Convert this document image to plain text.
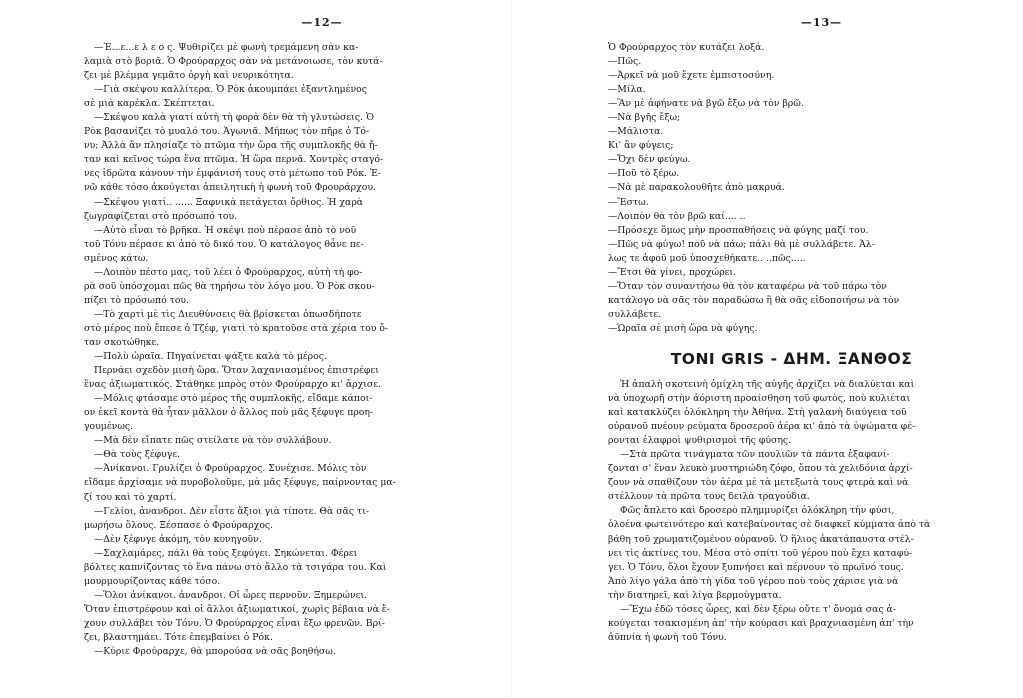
—12—
—Έ...ε...ε λ ε ο ς. Ψυθιρίζει μὲ φωνὴ τρεμάμενη σὰν κα-
λαμιὰ στὸ βοριᾶ. Ὁ Φρούραρχος σὰν νὰ μετάνοιωσε, τὸν κυτά-
ζει μὲ βλέμμα γεμᾶτο ὀργὴ καὶ νευρικότητα.
—Γιὰ σκέψου καλλίτερα. Ὁ Ρὸκ ἀκουμπάει ἐξαντλημένος
σὲ μιὰ καρέκλα. Σκέπτεται.
—Σκέψου καλὰ γιατί αὐτὴ τὴ φορὰ δὲν θὰ τὴ γλυτώσεις. Ὁ
Ρὸκ βασανίζει τὸ μυαλό του. Ἀγωνιᾶ. Μήπως τὸν πῆρε ὁ Τό-
νυ; Ἀλλὰ ἂν πλησίαζε τὸ πτῶμα τὴν ὥρα τῆς συμπλοκῆς θὰ ἤ-
ταν καὶ κεῖνος τώρα ἕνα πτῶμα. Ἡ ὥρα περνᾶ. Χοντρὲς σταγό-
νες ἱδρῶτα κάνουν τὴν ἐμφάνισή τους στὸ μέτωπο τοῦ Ρόκ. Ἐ-
νῶ κάθε τόσο ἀκούγεται ἀπειλητικὴ ἡ φωνὴ τοῦ Φρουράρχου.
—Σκέψου γιατί.. ...... Ξαφνικὰ πετάγεται ὄρθιος. Ἡ χαρὰ
ζωγραφίζεται στὸ πρόσωπό του.
—Αὐτὸ εἶναι τὸ βρῆκα. Ἡ σκέψι ποὺ πέρασε ἀπὸ τὸ νοῦ
τοῦ Τόνυ πέρασε κι ἀπὸ τὸ δικό του. Ὁ κατάλογος θἆνε πε-
σμένος κάτω.
—Λοιπὸν πέστο μας, τοῦ λέει ὁ Φρούραρχος, αὐτὴ τὴ φο-
ρὰ σοῦ ὑπόσχομαι πῶς θὰ τηρήσω τὸν λόγο μου. Ὁ Ρὸκ σκου-
πίζει τὸ πρόσωπό του.
—Τὸ χαρτὶ μὲ τὶς Διευθύνσεις θὰ βρίσκεται ὁπωσδήποτε
στὸ μέρος ποὺ ἔπεσε ὁ Τζέφ, γιατὶ τὸ κρατοῦσε στὰ χέρια του ὅ-
ταν σκοτώθηκε.
—Πολὺ ὡραῖα. Πηγαίνεται ψάξτε καλὰ τὸ μέρος.
Περνάει σχεδὸν μισὴ ὥρα. Ὅταν λαχανιασμένος ἐπιστρέφει
ἕνας ἀξιωματικός. Στάθηκε μπρὸς στὸν Φρούραρχο κι' ἄρχισε.
—Μόλις φτάσαμε στὸ μέρος τῆς συμπλοκῆς, εἴδαμε κάποι-
ον ἐκεῖ κοντὰ θὰ ἦταν μᾶλλον ὁ ἄλλος ποὺ μᾶς ξέφυγε προη-
γουμένως.
—Μὰ δὲν εἴπατε πῶς στείλατε νὰ τὸν συλλάβουν.
—Θὰ τοὺς ξέφυγε.
—Ἀνίκανοι. Γρυλίζει ὁ Φρούραρχος. Συνέχισε. Μόλις τὸν
εἴδαμε ἀρχίσαμε νὰ πυροβολοῦμε, μὰ μᾶς ξέφυγε, παίρνοντας μα-
ζί του καὶ τὸ χαρτί.
—Γελίοι, ἀνανδροι. Δὲν εἶστε ἄξιοι γιὰ τίποτε. Θὰ σᾶς τι-
μωρήσω ὅλους. Ξέσπασε ὁ Φρούραρχος.
—Δὲν ξέφυγε ἀκόμη, τὸν κυνηγοῦν.
—Σαχλαμάρες, πάλι θὰ τοὺς ξεφύγει. Σηκώνεται. Φέρει
βόλτες καπνίζοντας τὸ ἕνα πάνω στὸ ἄλλο τὰ τσιγάρα του. Καὶ
μουρμουρίζοντας κάθε τόσο.
—Ὅλοι ἀνίκανοι. ἀνανδροι. Οἱ ὧρες περνοῦν. Ξημερώνει.
Ὅταν ἐπιστρέφουν καὶ οἱ ἄλλοι ἀξιωματικοί, χωρὶς βέβαια νὰ ἔ-
χουν συλλάβει τὸν Τόνυ. Ὁ Φρούραρχος εἶναι ἔξω φρενῶν. Βρί-
ζει, βλαστημάει. Τότε ἐπεμβαίνει ὁ Ρόκ.
—Κύριε Φρούραρχε, θὰ μπορούσα νὰ σᾶς βοηθήσω.
—13—
Ὁ Φρούραρχος τὸν κυτάζει λοξά.
—Πῶς.
—Ἀρκεῖ νὰ μοῦ ἔχετε ἐμπιστοσύνη.
—Μίλα.
—Ἂν μὲ ἀφήνατε νὰ βγῶ ἔξω νὰ τὸν βρῶ.
—Νὰ βγῆς ἔξω;
—Μάλιστα.
Κι' ἂν φύγεις;
—Ὄχι δὲν φεύγω.
—Ποῦ τὸ ξέρω.
—Νὰ μὲ παρακολουθῆτε ἀπὸ μακρυά.
—Ἔστω.
—Λοιπὸν θὰ τὸν βρῶ καί.... ..
—Πρόσεχε ὅμως μὴν προσπαθήσεις νὰ φύγης μαζί του.
—Πῶς νὰ φύγω! ποῦ νὰ πάω; πάλι θὰ μὲ συλλάβετε. Ἀλ-
λως τε ἀφοῦ μοῦ ὑποσχεθήκατε.. ..πῶς.....
—Ἔτσι θὰ γίνει, προχώρει.
—Ὅταν τὸν συναντήσω θὰ τὸν καταφέρω νὰ τοῦ πάρω τὸν
κατάλογο νὰ σᾶς τὸν παραδώσω ἢ θὰ σᾶς εἰδοποιήσω νὰ τὸν
συλλάβετε.
—Ὡραῖα σὲ μισὴ ὥρα νὰ φύγης.
TONI GRIS - ΔΗΜ. ΞΑΝΘΟΣ
Ἡ ἀπαλὴ σκοτεινὴ ὁμίχλη τῆς αὐγῆς ἀρχίζει νὰ διαλύεται καὶ
νὰ ὑποχωρῆ στὴν ἀόριστη προαίσθηση τοῦ φωτὸς, ποὺ κυλιέται
καὶ κατακλύζει ὁλόκληρη τὴν Ἀθήνα. Στὴ γαλανὴ διαύγεια τοῦ
οὐρανοῦ πνέουν ρεύματα δροσεροῦ ἀέρα κι' ἀπὸ τὰ ὑψώματα φέ-
ρονται ἐλαφροὶ ψυθιρισμοὶ τῆς φύσης.
—Στὰ πρῶτα τινάγματα τῶν πουλιῶν τὰ πάντα ἐξαφανί-
ζονται σ' ἕναν λευκὸ μυστηριώδη ζόφο, ὅπου τὰ χελιδόνια ἀρχί-
ζουν νὰ σπαθίζουν τὸν ἀέρα μὲ τὰ μετεξωτὰ τους φτερὰ καὶ νὰ
στέλλουν τὰ πρῶτα τους δειλὰ τραγούδια.
Φῶς ἄπλετο καὶ δροσερὸ πλημμυρίζει ὁλόκληρη τὴν φύσι,
ὁλοένα φωτεινότερο καὶ κατεβαίνοντας σὲ διαφκεῖ κύμματα ἀπὸ τὰ
βάθη τοῦ χρωματιζομένου οὐρανοῦ. Ὁ ἥλιος ἀκατάπαυστα στέλ-
νει τὶς ἀκτίνες του. Μέσα στὸ σπίτι τοῦ γέρου ποὺ ἔχει καταφύ-
γει. Ὁ Τόνυ, ὅλοι ἔχουν ξυπνήσει καὶ πέρνουν τὸ πρωϊνό τους.
Ἀπὸ λίγο γάλα ἀπὸ τὴ γίδα τοῦ γέρου ποὺ τοὺς χάρισε γιὰ νὰ
τὴν διατηρεῖ, καὶ λίγα βερμούγματα.
—Ἔχω ἐδῶ τόσες ὧρες, καὶ δὲν ξέρω οὔτε τ' ὄνομά σας ἀ-
κούγεται τσακισμένη ἀπ' τὴν κούρασι καὶ βραχνιασμένη ἀπ' τὴν
ἀϋπνία ἡ φωνὴ τοῦ Τόνυ.
